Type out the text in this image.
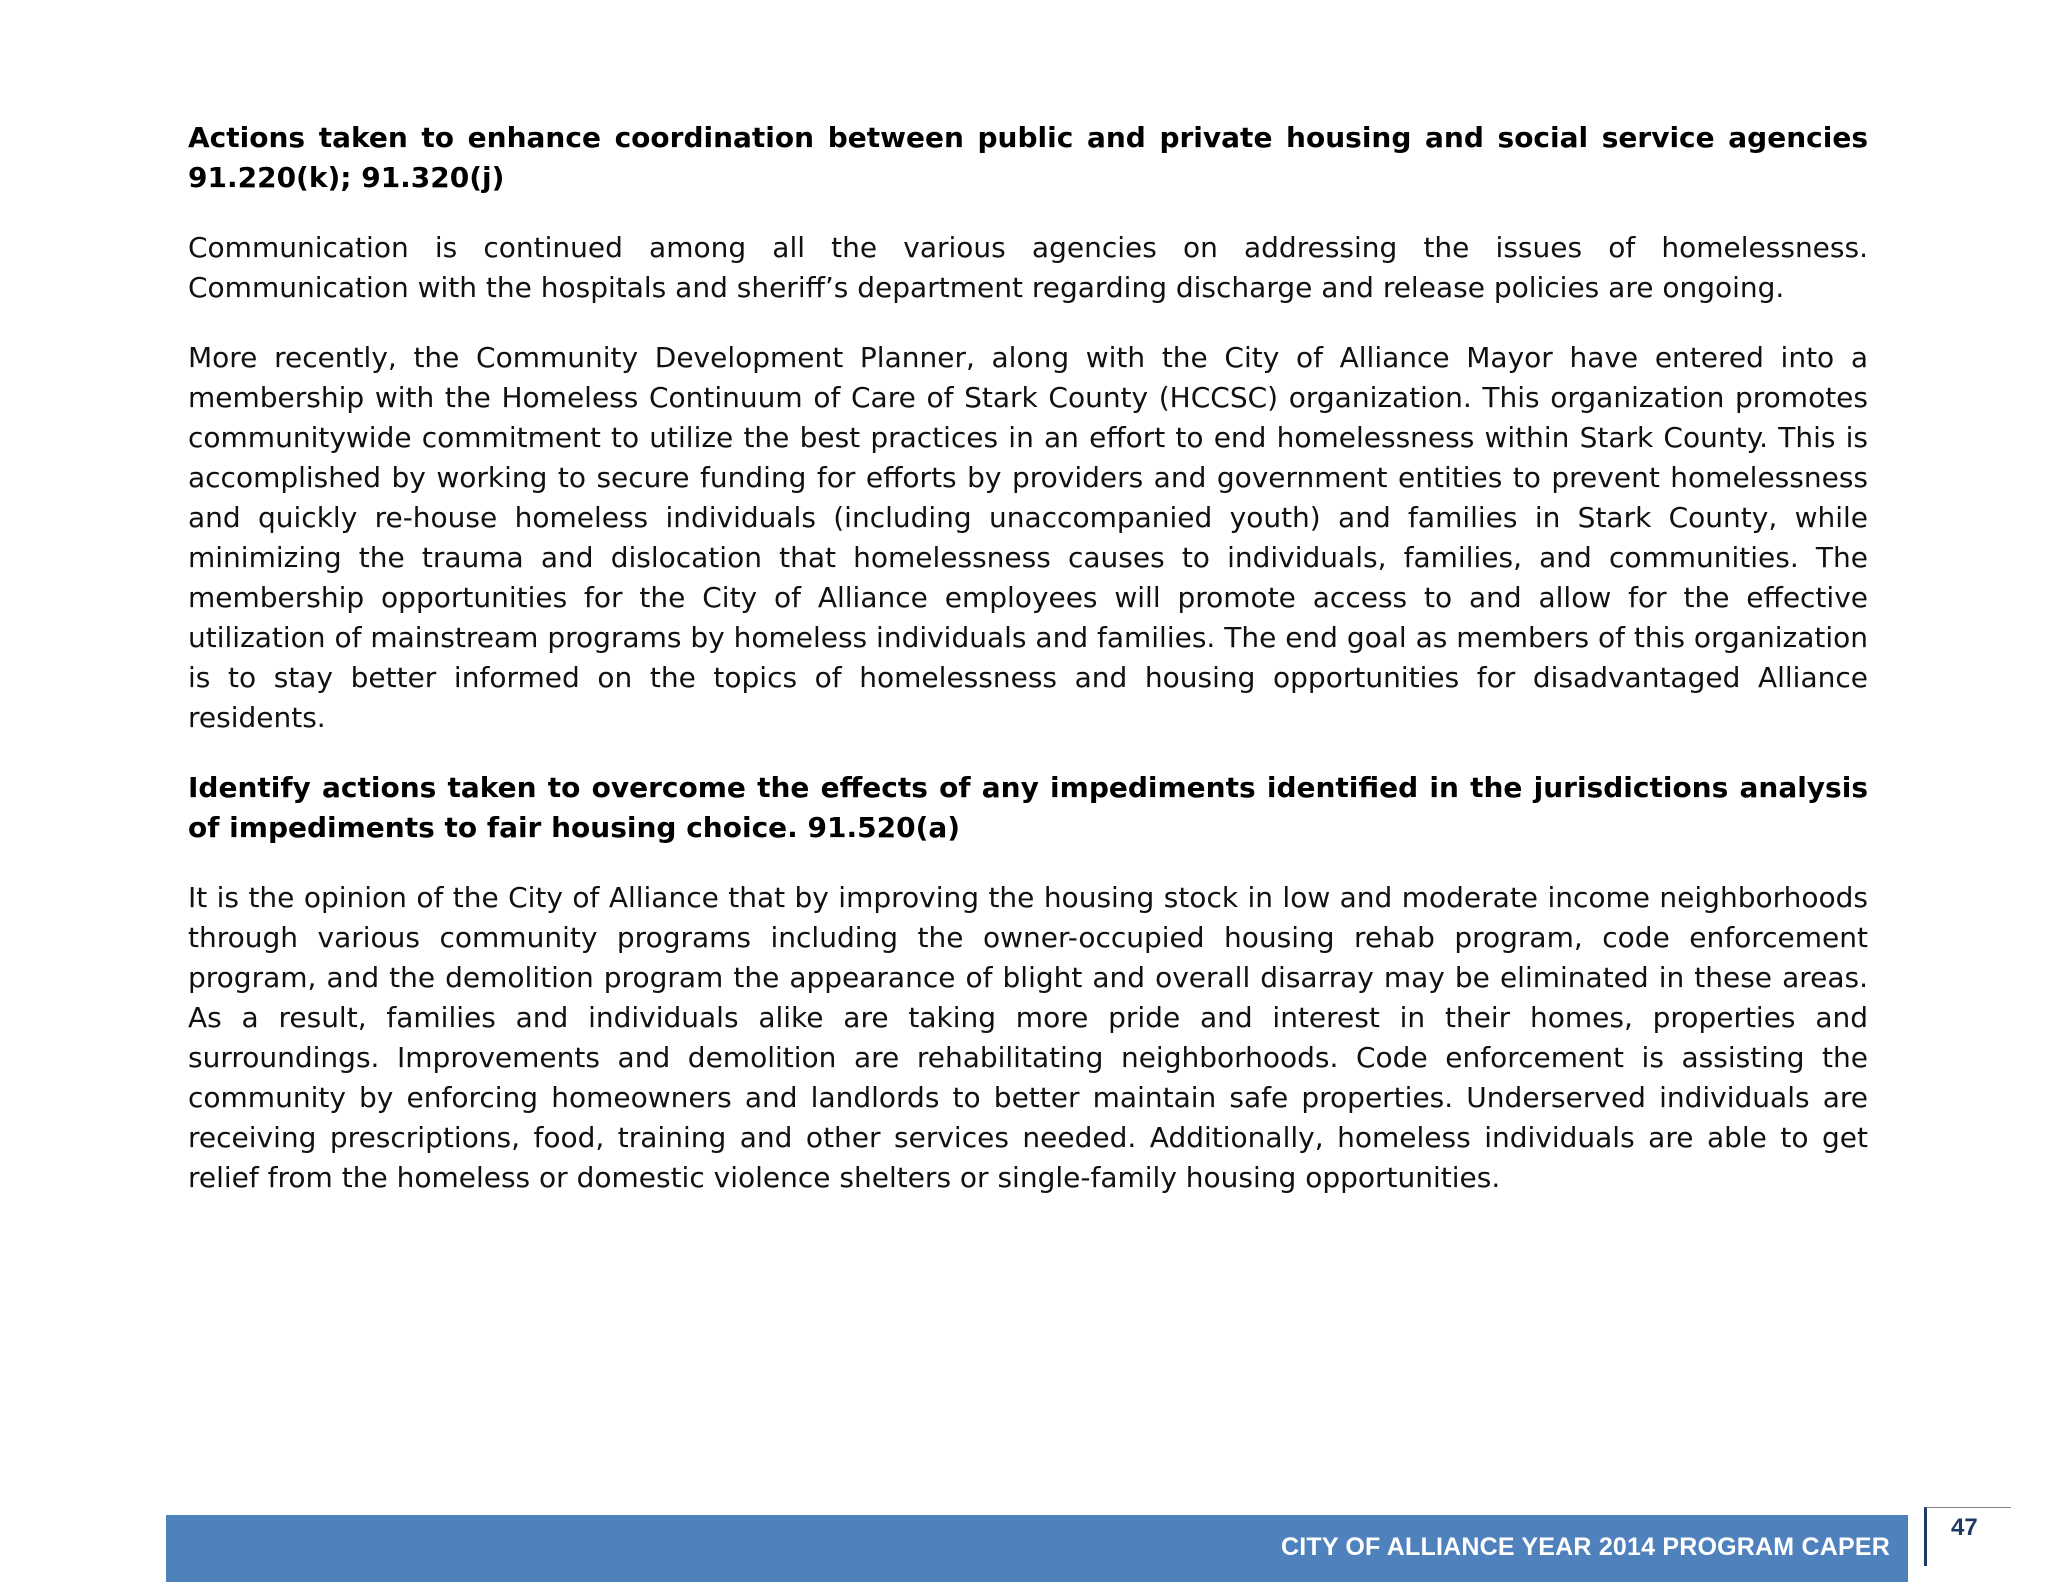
Actions taken to enhance coordination between public and private housing and social service agencies 91.220(k); 91.320(j)

Communication is continued among all the various agencies on addressing the issues of homelessness. Communication with the hospitals and sheriff’s department regarding discharge and release policies are ongoing.

More recently, the Community Development Planner, along with the City of Alliance Mayor have entered into a membership with the Homeless Continuum of Care of Stark County (HCCSC) organization. This organization promotes communitywide commitment to utilize the best practices in an effort to end homelessness within Stark County. This is accomplished by working to secure funding for efforts by providers and government entities to prevent homelessness and quickly re-house homeless individuals (including unaccompanied youth) and families in Stark County, while minimizing the trauma and dislocation that homelessness causes to individuals, families, and communities. The membership opportunities for the City of Alliance employees will promote access to and allow for the effective utilization of mainstream programs by homeless individuals and families. The end goal as members of this organization is to stay better informed on the topics of homelessness and housing opportunities for disadvantaged Alliance residents.

Identify actions taken to overcome the effects of any impediments identified in the jurisdictions analysis of impediments to fair housing choice. 91.520(a)

It is the opinion of the City of Alliance that by improving the housing stock in low and moderate income neighborhoods through various community programs including the owner-occupied housing rehab program, code enforcement program, and the demolition program the appearance of blight and overall disarray may be eliminated in these areas. As a result, families and individuals alike are taking more pride and interest in their homes, properties and surroundings. Improvements and demolition are rehabilitating neighborhoods. Code enforcement is assisting the community by enforcing homeowners and landlords to better maintain safe properties. Underserved individuals are receiving prescriptions, food, training and other services needed. Additionally, homeless individuals are able to get relief from the homeless or domestic violence shelters or single-family housing opportunities.

CITY OF ALLIANCE YEAR 2014 PROGRAM CAPER
47
